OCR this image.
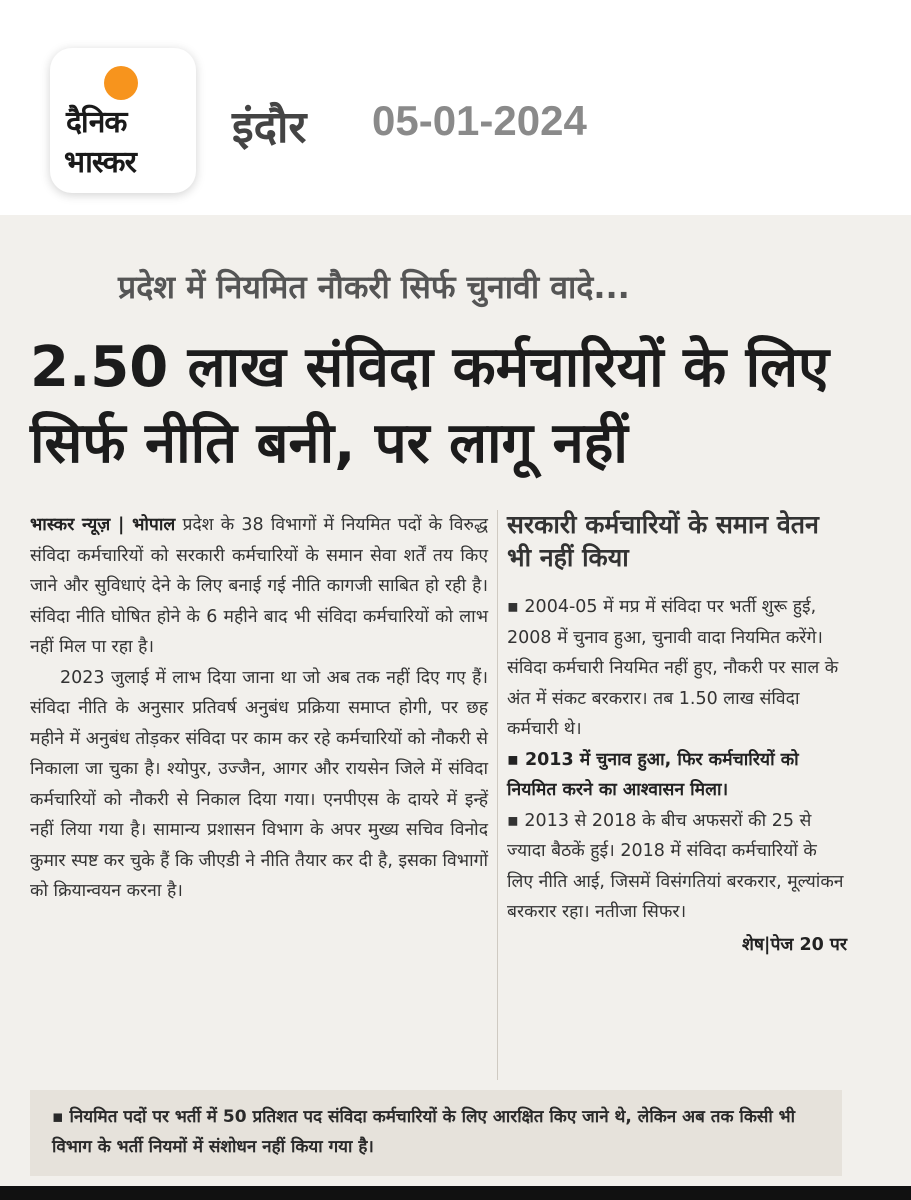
दैनिक
भास्कर
इंदौर 05-01-2024
प्रदेश में नियमित नौकरी सिर्फ चुनावी वादे...
2.50 लाख संविदा कर्मचारियों के लिए सिर्फ नीति बनी, पर लागू नहीं

भास्कर न्यूज़ | भोपाल प्रदेश के 38 विभागों में नियमित पदों के विरुद्ध संविदा कर्मचारियों को सरकारी कर्मचारियों के समान सेवा शर्तें तय किए जाने और सुविधाएं देने के लिए बनाई गई नीति कागजी साबित हो रही है। संविदा नीति घोषित होने के 6 महीने बाद भी संविदा कर्मचारियों को लाभ नहीं मिल पा रहा है।

2023 जुलाई में लाभ दिया जाना था जो अब तक नहीं दिए गए हैं। संविदा नीति के अनुसार प्रतिवर्ष अनुबंध प्रक्रिया समाप्त होगी, पर छह महीने में अनुबंध तोड़कर संविदा पर काम कर रहे कर्मचारियों को नौकरी से निकाला जा चुका है। श्योपुर, उज्जैन, आगर और रायसेन जिले में संविदा कर्मचारियों को नौकरी से निकाल दिया गया। एनपीएस के दायरे में इन्हें नहीं लिया गया है। सामान्य प्रशासन विभाग के अपर मुख्य सचिव विनोद कुमार स्पष्ट कर चुके हैं कि जीएडी ने नीति तैयार कर दी है, इसका विभागों को क्रियान्वयन करना है।

सरकारी कर्मचारियों के समान वेतन भी नहीं किया

▪ 2004-05 में मप्र में संविदा पर भर्ती शुरू हुई, 2008 में चुनाव हुआ, चुनावी वादा नियमित करेंगे। संविदा कर्मचारी नियमित नहीं हुए, नौकरी पर साल के अंत में संकट बरकरार। तब 1.50 लाख संविदा कर्मचारी थे।

▪ 2013 में चुनाव हुआ, फिर कर्मचारियों को नियमित करने का आश्वासन मिला।

▪ 2013 से 2018 के बीच अफसरों की 25 से ज्यादा बैठकें हुई। 2018 में संविदा कर्मचारियों के लिए नीति आई, जिसमें विसंगतियां बरकरार, मूल्यांकन बरकरार रहा। नतीजा सिफर।

शेष|पेज 20 पर
▪ नियमित पदों पर भर्ती में 50 प्रतिशत पद संविदा कर्मचारियों के लिए आरक्षित किए जाने थे, लेकिन अब तक किसी भी विभाग के भर्ती नियमों में संशोधन नहीं किया गया है।
